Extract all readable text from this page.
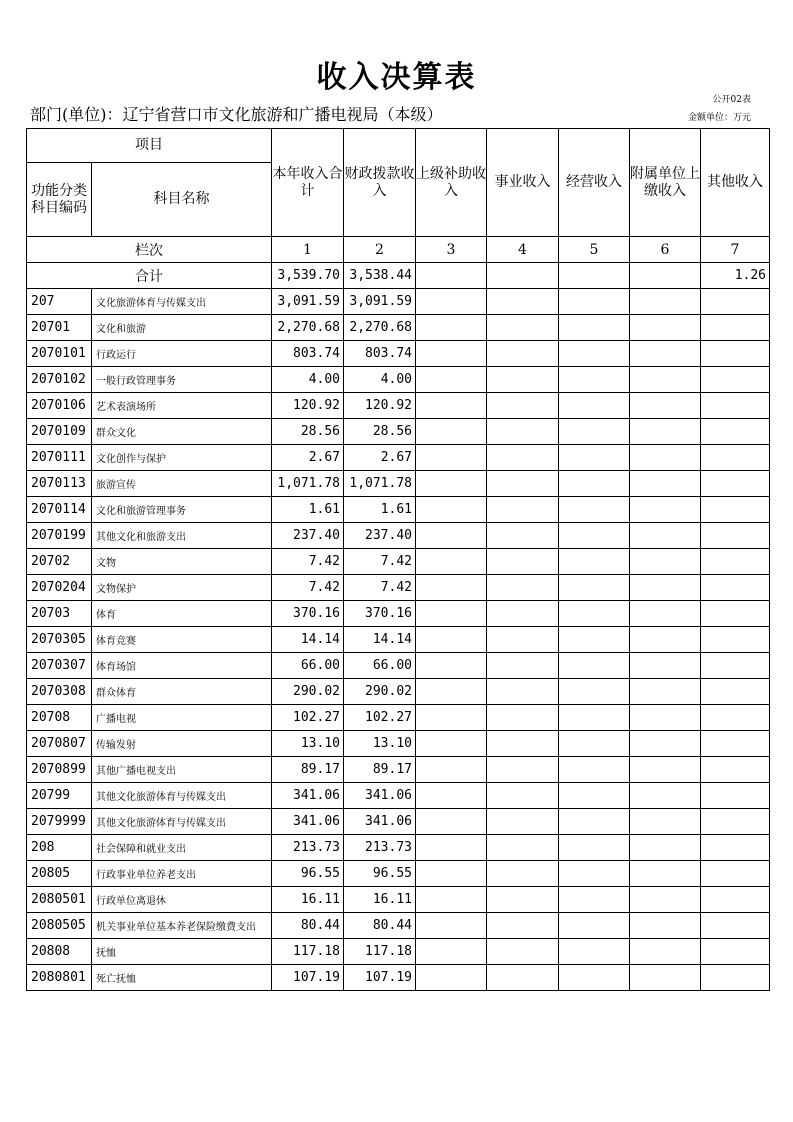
收入决算表
部门(单位)：辽宁省营口市文化旅游和广播电视局（本级）
公开02表
金额单位：万元
项目		本年收入合计	财政拨款收入	上级补助收入	事业收入	经营收入	附属单位上缴收入	其他收入
功能分类科目编码	科目名称							
栏次		1	2	3	4	5	6	7
合计		3,539.70	3,538.44					1.26
207	文化旅游体育与传媒支出	3,091.59	3,091.59					
20701	文化和旅游	2,270.68	2,270.68					
2070101	行政运行	803.74	803.74					
2070102	一般行政管理事务	4.00	4.00					
2070106	艺术表演场所	120.92	120.92					
2070109	群众文化	28.56	28.56					
2070111	文化创作与保护	2.67	2.67					
2070113	旅游宣传	1,071.78	1,071.78					
2070114	文化和旅游管理事务	1.61	1.61					
2070199	其他文化和旅游支出	237.40	237.40					
20702	文物	7.42	7.42					
2070204	文物保护	7.42	7.42					
20703	体育	370.16	370.16					
2070305	体育竞赛	14.14	14.14					
2070307	体育场馆	66.00	66.00					
2070308	群众体育	290.02	290.02					
20708	广播电视	102.27	102.27					
2070807	传输发射	13.10	13.10					
2070899	其他广播电视支出	89.17	89.17					
20799	其他文化旅游体育与传媒支出	341.06	341.06					
2079999	其他文化旅游体育与传媒支出	341.06	341.06					
208	社会保障和就业支出	213.73	213.73					
20805	行政事业单位养老支出	96.55	96.55					
2080501	行政单位离退休	16.11	16.11					
2080505	机关事业单位基本养老保险缴费支出	80.44	80.44					
20808	抚恤	117.18	117.18					
2080801	死亡抚恤	107.19	107.19					
